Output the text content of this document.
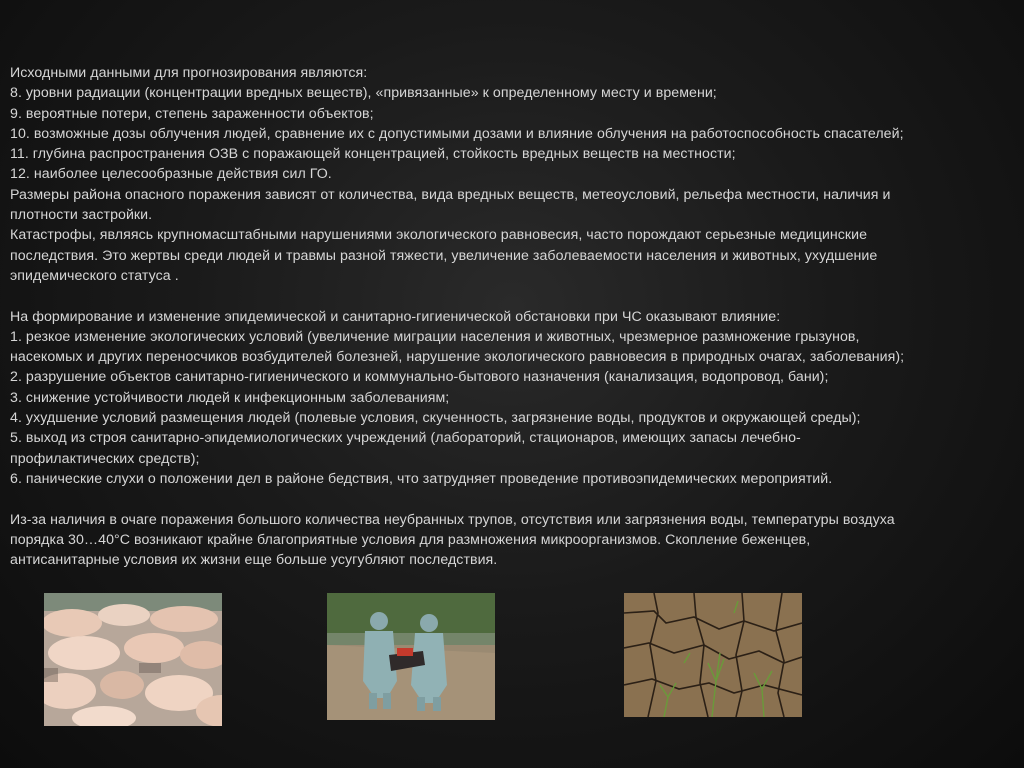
Исходными данными для прогнозирования являются:
8. уровни радиации (концентрации вредных веществ), «привязанные» к определенному месту и времени;
9. вероятные потери, степень зараженности объектов;
10. возможные дозы облучения людей, сравнение их с допустимыми дозами и влияние облучения на работоспособность спасателей;
11. глубина распространения ОЗВ с поражающей концентрацией, стойкость вредных веществ на местности;
12. наиболее целесообразные действия сил ГО.
Размеры района опасного поражения зависят от количества, вида вредных веществ, метеоусловий, рельефа местности, наличия и
плотности застройки.
Катастрофы, являясь крупномасштабными нарушениями экологического равновесия, часто порождают серьезные медицинские
последствия. Это жертвы среди людей и травмы разной тяжести, увеличение заболеваемости населения и животных, ухудшение
эпидемического статуса .
На формирование и изменение эпидемической и санитарно-гигиенической обстановки при ЧС оказывают влияние:
1. резкое изменение экологических условий (увеличение миграции населения и животных, чрезмерное размножение грызунов,
насекомых и других переносчиков возбудителей болезней, нарушение экологического равновесия в природных очагах, заболевания);
2. разрушение объектов санитарно-гигиенического и коммунально-бытового назначения (канализация, водопровод, бани);
3. снижение устойчивости людей к инфекционным заболеваниям;
4. ухудшение условий размещения людей (полевые условия, скученность, загрязнение воды, продуктов и окружающей среды);
5. выход из строя санитарно-эпидемиологических учреждений (лабораторий, стационаров, имеющих запасы лечебно-
профилактических средств);
6. панические слухи о положении дел в районе бедствия, что затрудняет проведение противоэпидемических мероприятий.
Из-за наличия в очаге поражения большого количества неубранных трупов, отсутствия или загрязнения воды, температуры воздуха
порядка 30…40°С возникают крайне благоприятные условия для размножения микроорганизмов. Скопление беженцев,
антисанитарные условия их жизни еще больше усугубляют последствия.
